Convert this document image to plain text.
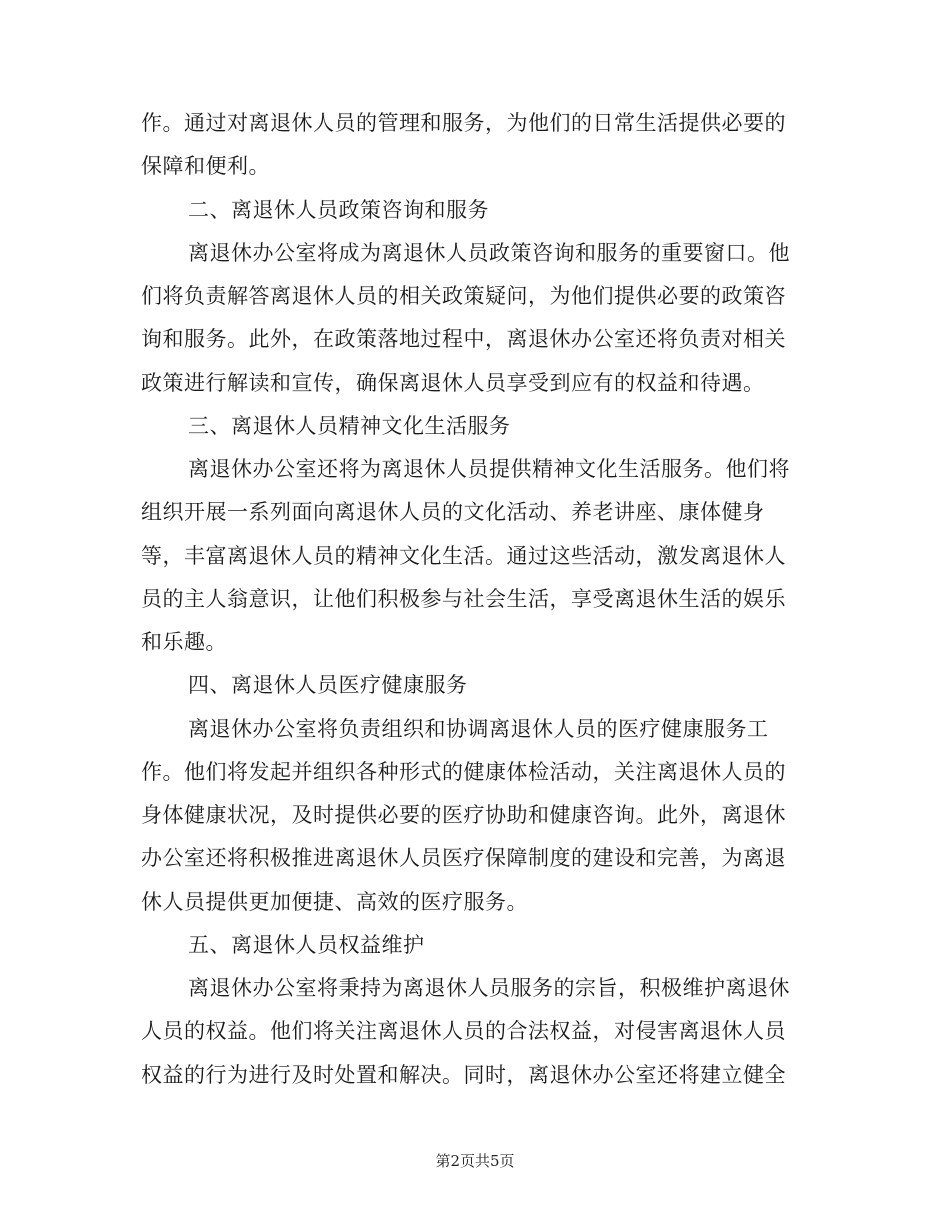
作。通过对离退休人员的管理和服务，为他们的日常生活提供必要的
保障和便利。
二、离退休人员政策咨询和服务
离退休办公室将成为离退休人员政策咨询和服务的重要窗口。他
们将负责解答离退休人员的相关政策疑问，为他们提供必要的政策咨
询和服务。此外，在政策落地过程中，离退休办公室还将负责对相关
政策进行解读和宣传，确保离退休人员享受到应有的权益和待遇。
三、离退休人员精神文化生活服务
离退休办公室还将为离退休人员提供精神文化生活服务。他们将
组织开展一系列面向离退休人员的文化活动、养老讲座、康体健身
等，丰富离退休人员的精神文化生活。通过这些活动，激发离退休人
员的主人翁意识，让他们积极参与社会生活，享受离退休生活的娱乐
和乐趣。
四、离退休人员医疗健康服务
离退休办公室将负责组织和协调离退休人员的医疗健康服务工
作。他们将发起并组织各种形式的健康体检活动，关注离退休人员的
身体健康状况，及时提供必要的医疗协助和健康咨询。此外，离退休
办公室还将积极推进离退休人员医疗保障制度的建设和完善，为离退
休人员提供更加便捷、高效的医疗服务。
五、离退休人员权益维护
离退休办公室将秉持为离退休人员服务的宗旨，积极维护离退休
人员的权益。他们将关注离退休人员的合法权益，对侵害离退休人员
权益的行为进行及时处置和解决。同时，离退休办公室还将建立健全
第2页共5页
